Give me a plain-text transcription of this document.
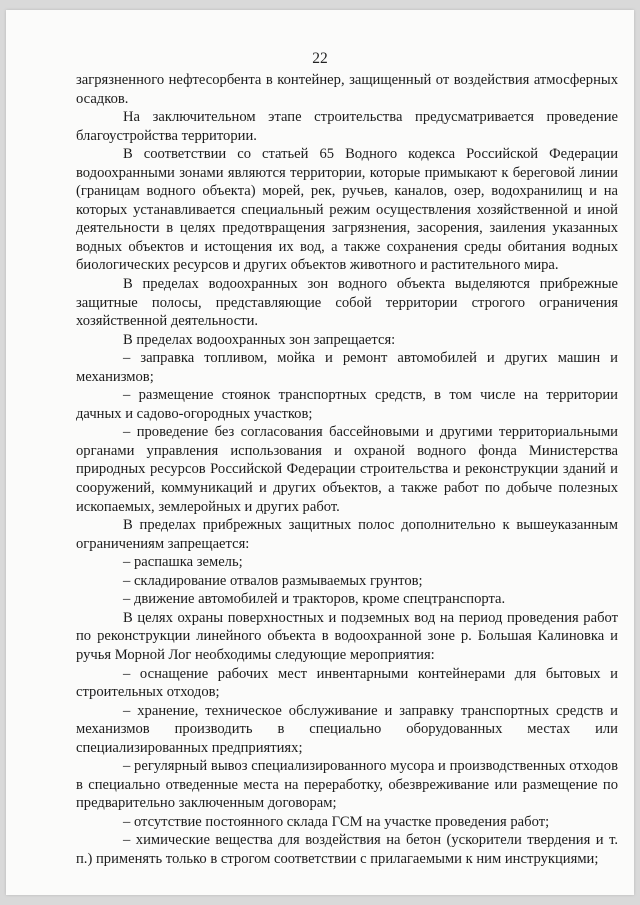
22

загрязненного нефтесорбента в контейнер, защищенный от воздействия атмосферных осадков.

На заключительном этапе строительства предусматривается проведение благоустройства территории.

В соответствии со статьей 65 Водного кодекса Российской Федерации водоохранными зонами являются территории, которые примыкают к береговой линии (границам водного объекта) морей, рек, ручьев, каналов, озер, водохранилищ и на которых устанавливается специальный режим осуществления хозяйственной и иной деятельности в целях предотвращения загрязнения, засорения, заиления указанных водных объектов и истощения их вод, а также сохранения среды обитания водных биологических ресурсов и других объектов животного и растительного мира.

В пределах водоохранных зон водного объекта выделяются прибрежные защитные полосы, представляющие собой территории строгого ограничения хозяйственной деятельности.

В пределах водоохранных зон запрещается:

– заправка топливом, мойка и ремонт автомобилей и других машин и механизмов;

– размещение стоянок транспортных средств, в том числе на территории дачных и садово-огородных участков;

– проведение без согласования бассейновыми и другими территориальными органами управления использования и охраной водного фонда Министерства природных ресурсов Российской Федерации строительства и реконструкции зданий и сооружений, коммуникаций и других объектов, а также работ по добыче полезных ископаемых, землеройных и других работ.

В пределах прибрежных защитных полос дополнительно к вышеуказанным ограничениям запрещается:

– распашка земель;

– складирование отвалов размываемых грунтов;

– движение автомобилей и тракторов, кроме спецтранспорта.

В целях охраны поверхностных и подземных вод на период проведения работ по реконструкции линейного объекта в водоохранной зоне р. Большая Калиновка и ручья Морной Лог необходимы следующие мероприятия:

– оснащение рабочих мест инвентарными контейнерами для бытовых и строительных отходов;

– хранение, техническое обслуживание и заправку транспортных средств и механизмов производить в специально оборудованных местах или специализированных предприятиях;

– регулярный вывоз специализированного мусора и производственных отходов в специально отведенные места на переработку, обезвреживание или размещение по предварительно заключенным договорам;

– отсутствие постоянного склада ГСМ на участке проведения работ;

– химические вещества для воздействия на бетон (ускорители твердения и т. п.) применять только в строгом соответствии с прилагаемыми к ним инструкциями;
